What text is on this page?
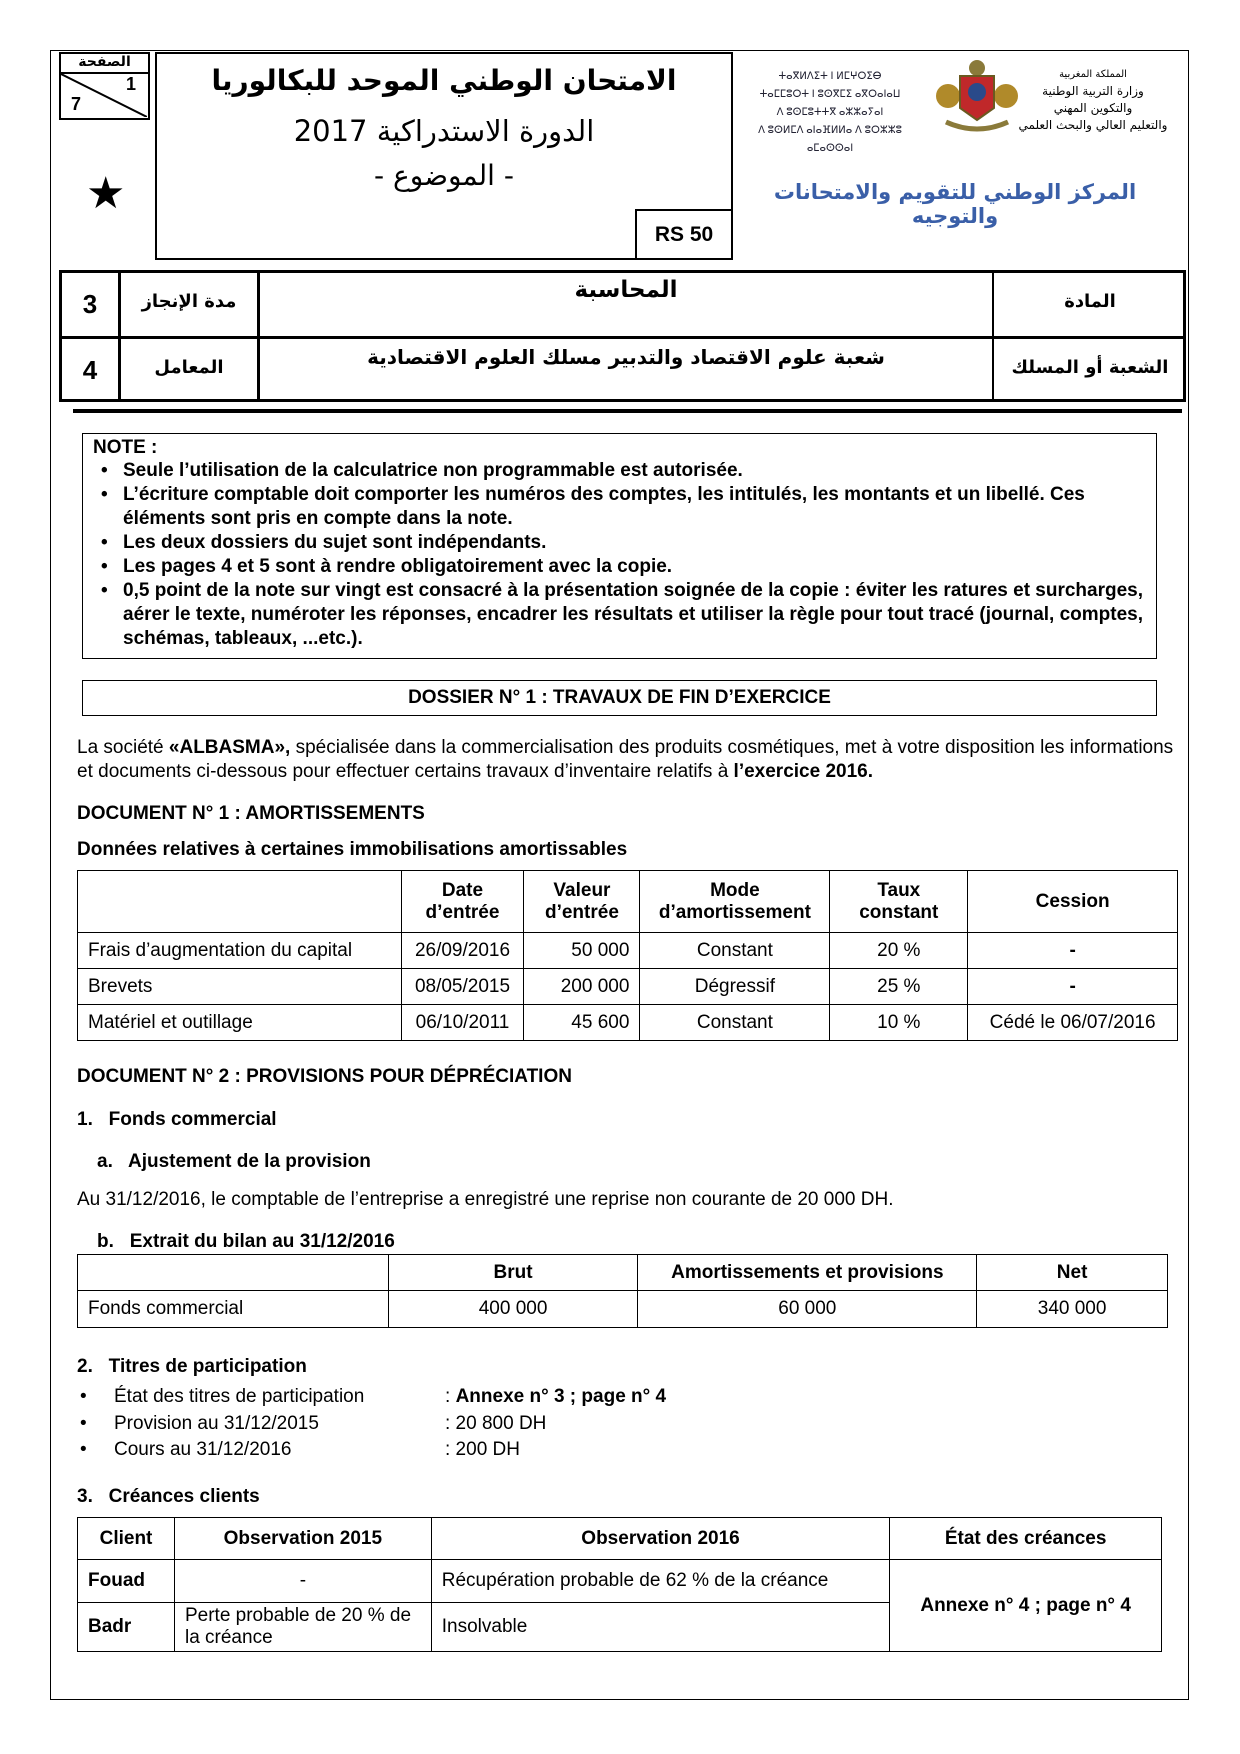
الصفحة
1
7
★
الامتحان الوطني الموحد للبكالوريا
الدورة الاستدراكية 2017
- الموضوع -
RS 50
ⵜⴰⴳⵍⴷⵉⵜ ⵏ ⵍⵎⵖⵔⵉⴱ
ⵜⴰⵎⵎⵓⵔⵜ ⵏ ⵓⵙⴳⵎⵉ ⴰⴳⵔⴰⵏⴰⵡ
ⴷ ⵓⵙⵎⵓⵜⵜⴳ ⴰⵣⵣⴰⵢⴰⵏ
ⴷ ⵓⵙⵍⵎⴷ ⴰⵏⴰⴼⵍⵍⴰ ⴷ ⵓⵔⵣⵣⵓ ⴰⵎⴰⵙⵙⴰⵏ
المملكة المغربية
وزارة التربية الوطنية
والتكوين المهني
والتعليم العالي والبحث العلمي
المركز الوطني للتقويم والامتحانات والتوجيه
3	مدة الإنجاز	المحاسبة	المادة
4	المعامل	شعبة علوم الاقتصاد والتدبير مسلك العلوم الاقتصادية	الشعبة أو المسلك
NOTE :
• Seule l’utilisation de la calculatrice non programmable est autorisée.
• L’écriture comptable doit comporter les numéros des comptes, les intitulés, les montants et un libellé. Ces éléments sont pris en compte dans la note.
• Les deux dossiers du sujet sont indépendants.
• Les pages 4 et 5 sont à rendre obligatoirement avec la copie.
• 0,5 point de la note sur vingt est consacré à la présentation soignée de la copie : éviter les ratures et surcharges, aérer le texte, numéroter les réponses, encadrer les résultats et utiliser la règle pour tout tracé (journal, comptes, schémas, tableaux, ...etc.).
DOSSIER N° 1 : TRAVAUX DE FIN D’EXERCICE

La société «ALBASMA», spécialisée dans la commercialisation des produits cosmétiques, met à votre disposition les informations et documents ci-dessous pour effectuer certains travaux d’inventaire relatifs à l’exercice 2016.

DOCUMENT N° 1 : AMORTISSEMENTS
Données relatives à certaines immobilisations amortissables
	Date d’entrée	Valeur d’entrée	Mode d’amortissement	Taux constant	Cession
Frais d’augmentation du capital	26/09/2016	50 000	Constant	20 %	-
Brevets	08/05/2015	200 000	Dégressif	25 %	-
Matériel et outillage	06/10/2011	45 600	Constant	10 %	Cédé le 06/07/2016
DOCUMENT N° 2 : PROVISIONS POUR DÉPRÉCIATION
1.   Fonds commercial
a.   Ajustement de la provision
Au 31/12/2016, le comptable de l’entreprise a enregistré une reprise non courante de 20 000 DH.
b.   Extrait du bilan au 31/12/2016
	Brut	Amortissements et provisions	Net
Fonds commercial	400 000	60 000	340 000
2.   Titres de participation
• État des titres de participation	: Annexe n° 3 ; page n° 4
• Provision au 31/12/2015	: 20 800 DH
• Cours au 31/12/2016	: 200 DH
3.   Créances clients
Client	Observation 2015	Observation 2016	État des créances
Fouad	-	Récupération probable de 62 % de la créance	Annexe n° 4 ; page n° 4
Badr	Perte probable de 20 % de la créance	Insolvable	
